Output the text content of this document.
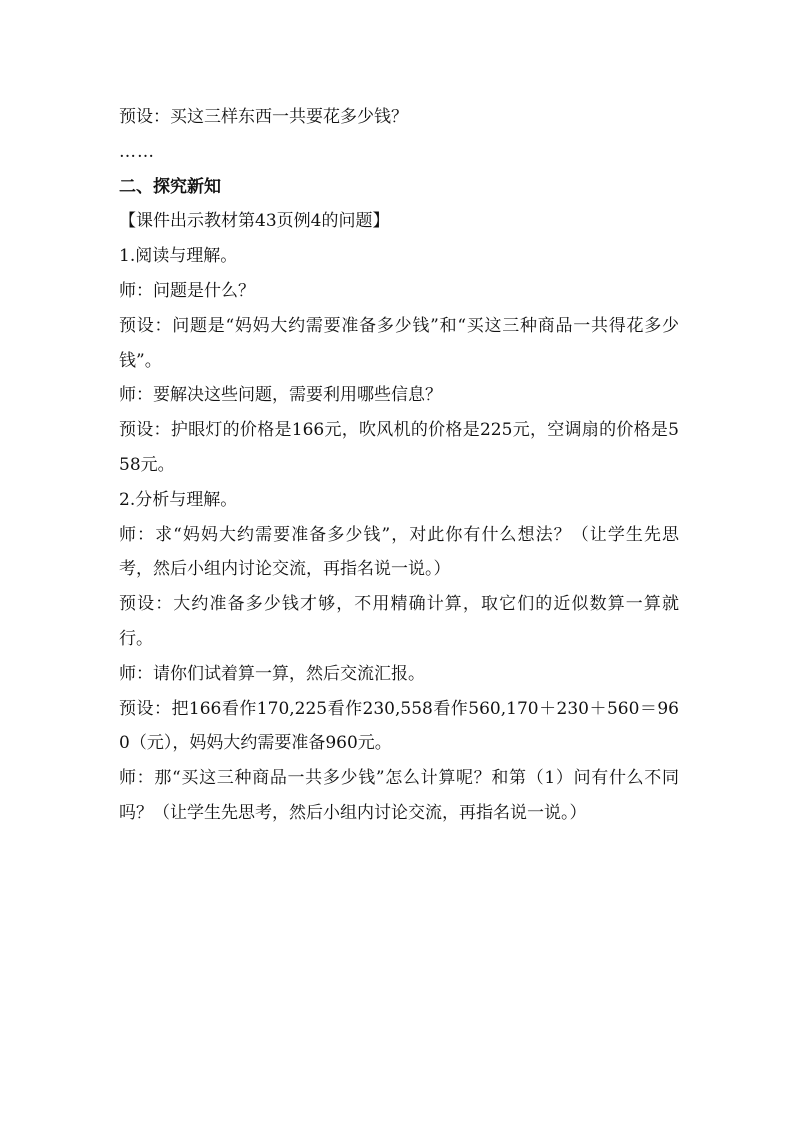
预设：买这三样东西一共要花多少钱？

……

二、探究新知

【课件出示教材第43页例4的问题】

1.阅读与理解。

师：问题是什么？

预设：问题是“妈妈大约需要准备多少钱”和“买这三种商品一共得花多少钱”。

师：要解决这些问题，需要利用哪些信息？

预设：护眼灯的价格是166元，吹风机的价格是225元，空调扇的价格是558元。

2.分析与理解。

师：求“妈妈大约需要准备多少钱”，对此你有什么想法？（让学生先思考，然后小组内讨论交流，再指名说一说。）

预设：大约准备多少钱才够，不用精确计算，取它们的近似数算一算就行。

师：请你们试着算一算，然后交流汇报。

预设：把166看作170,225看作230,558看作560,170＋230＋560＝960（元），妈妈大约需要准备960元。

师：那“买这三种商品一共多少钱”怎么计算呢？和第（1）问有什么不同吗？（让学生先思考，然后小组内讨论交流，再指名说一说。）
